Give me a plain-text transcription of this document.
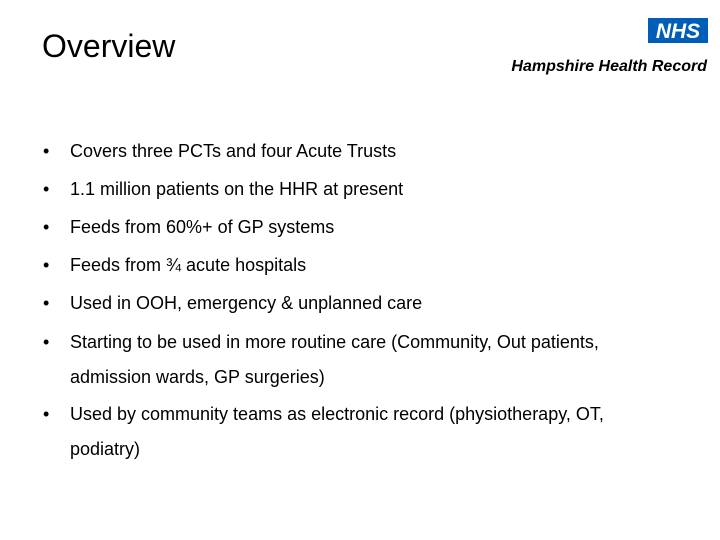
Overview	NHS
Hampshire Health Record
• Covers three PCTs and four Acute Trusts
• 1.1 million patients on the HHR at present
• Feeds from 60%+ of GP systems
• Feeds from ¾ acute hospitals
• Used in OOH, emergency & unplanned care
• Starting to be used in more routine care (Community, Out patients,
admission wards, GP surgeries)
• Used by community teams as electronic record (physiotherapy, OT,
podiatry)
